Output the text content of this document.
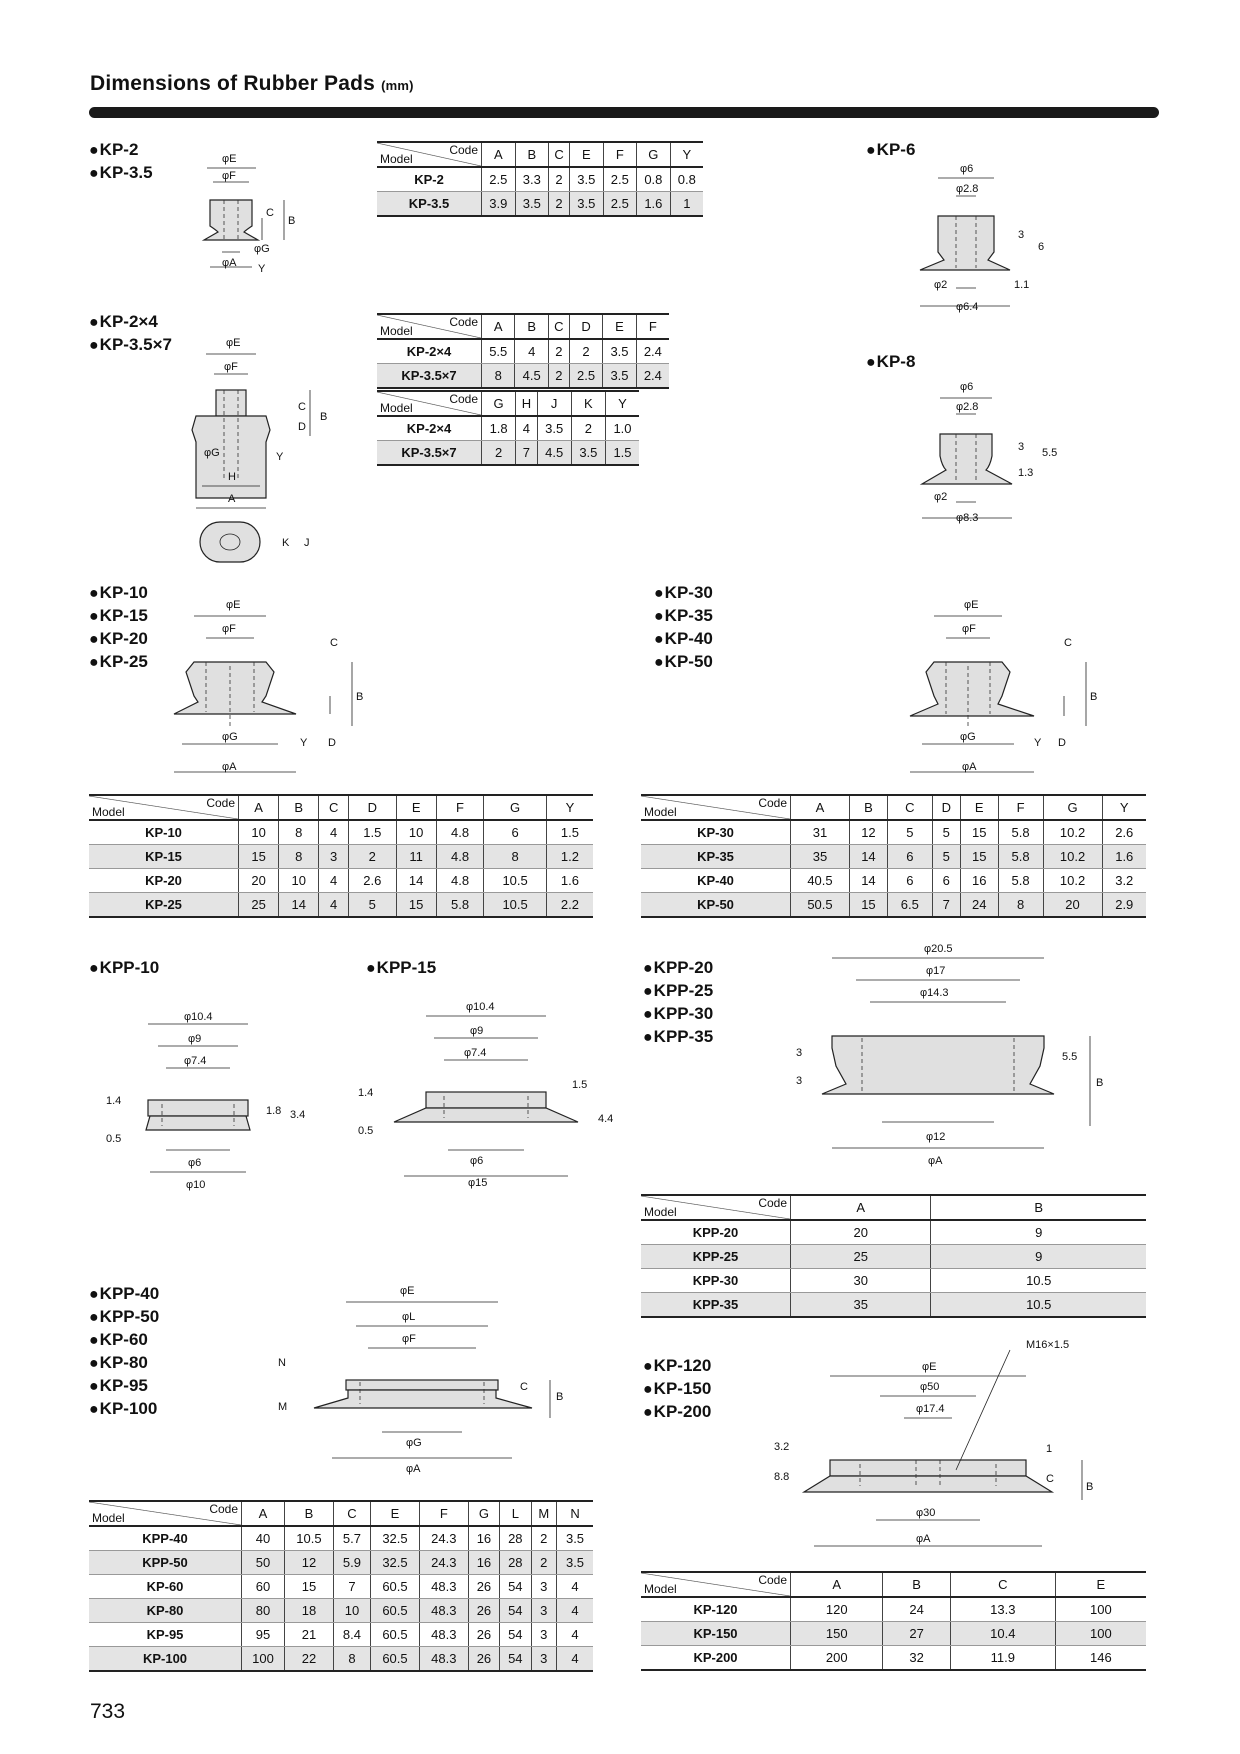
Dimensions of Rubber Pads (mm)
● KP-2
● KP-3.5
● KP-2×4
● KP-3.5×7
● KP-6
● KP-8
● KP-10
● KP-15
● KP-20
● KP-25
● KP-30
● KP-35
● KP-40
● KP-50
● KPP-10	● KPP-15	● KPP-20
● KPP-25
● KPP-30
● KPP-35
● KPP-40
● KPP-50
● KP-60
● KP-80
● KP-95
● KP-100
● KP-120
● KP-150
● KP-200
Model
Code	A	B	C	E	F	G	Y
KP-2	2.5	3.3	2	3.5	2.5	0.8	0.8
KP-3.5	3.9	3.5	2	3.5	2.5	1.6	1
Model
Code	A	B	C	D	E	F
KP-2×4	5.5	4	2	2	3.5	2.4
KP-3.5×7	8	4.5	2	2.5	3.5	2.4
Model
Code	G	H	J	K	Y
KP-2×4	1.8	4	3.5	2	1.0
KP-3.5×7	2	7	4.5	3.5	1.5
Model
Code	A	B	C	D	E	F	G	Y
KP-10	10	8	4	1.5	10	4.8	6	1.5
KP-15	15	8	3	2	11	4.8	8	1.2
KP-20	20	10	4	2.6	14	4.8	10.5	1.6
KP-25	25	14	4	5	15	5.8	10.5	2.2
Model
Code	A	B	C	D	E	F	G	Y
KP-30	31	12	5	5	15	5.8	10.2	2.6
KP-35	35	14	6	5	15	5.8	10.2	1.6
KP-40	40.5	14	6	6	16	5.8	10.2	3.2
KP-50	50.5	15	6.5	7	24	8	20	2.9
Model
Code	A	B
KPP-20	20	9
KPP-25	25	9
KPP-30	30	10.5
KPP-35	35	10.5
Model
Code	A	B	C	E	F	G	L	M	N
KPP-40	40	10.5	5.7	32.5	24.3	16	28	2	3.5
KPP-50	50	12	5.9	32.5	24.3	16	28	2	3.5
KP-60	60	15	7	60.5	48.3	26	54	3	4
KP-80	80	18	10	60.5	48.3	26	54	3	4
KP-95	95	21	8.4	60.5	48.3	26	54	3	4
KP-100	100	22	8	60.5	48.3	26	54	3	4
Model
Code	A	B	C	E
KP-120	120	24	13.3	100
KP-150	150	27	10.4	100
KP-200	200	32	11.9	146
φE
φF
C
B
φG
φA Y
φE
φF
C
D
B
φG
H
A
Y
K J
φ6
φ2.8
3
6
φ2
φ6.4
1.1
φ6
φ2.8
3 5.5
1.3
φ2
φ8.3
φE
φF
C
B
φG
φA
Y D
φE
φF
C
B
φG
φA
Y D
φ10.4
φ9
φ7.4
1.4
0.5
1.8 3.4
φ6
φ10
φ10.4
φ9
φ7.4
1.4
0.5
1.5
4.4
φ6
φ15
φ20.5
φ17
φ14.3
3
3
5.5
B
φ12
φA
φE
φL
φF
N
M
C
B
φG
φA
M16×1.5
φE
φ50
φ17.4
3.2
8.8
1
C
B
φ30
φA
733
